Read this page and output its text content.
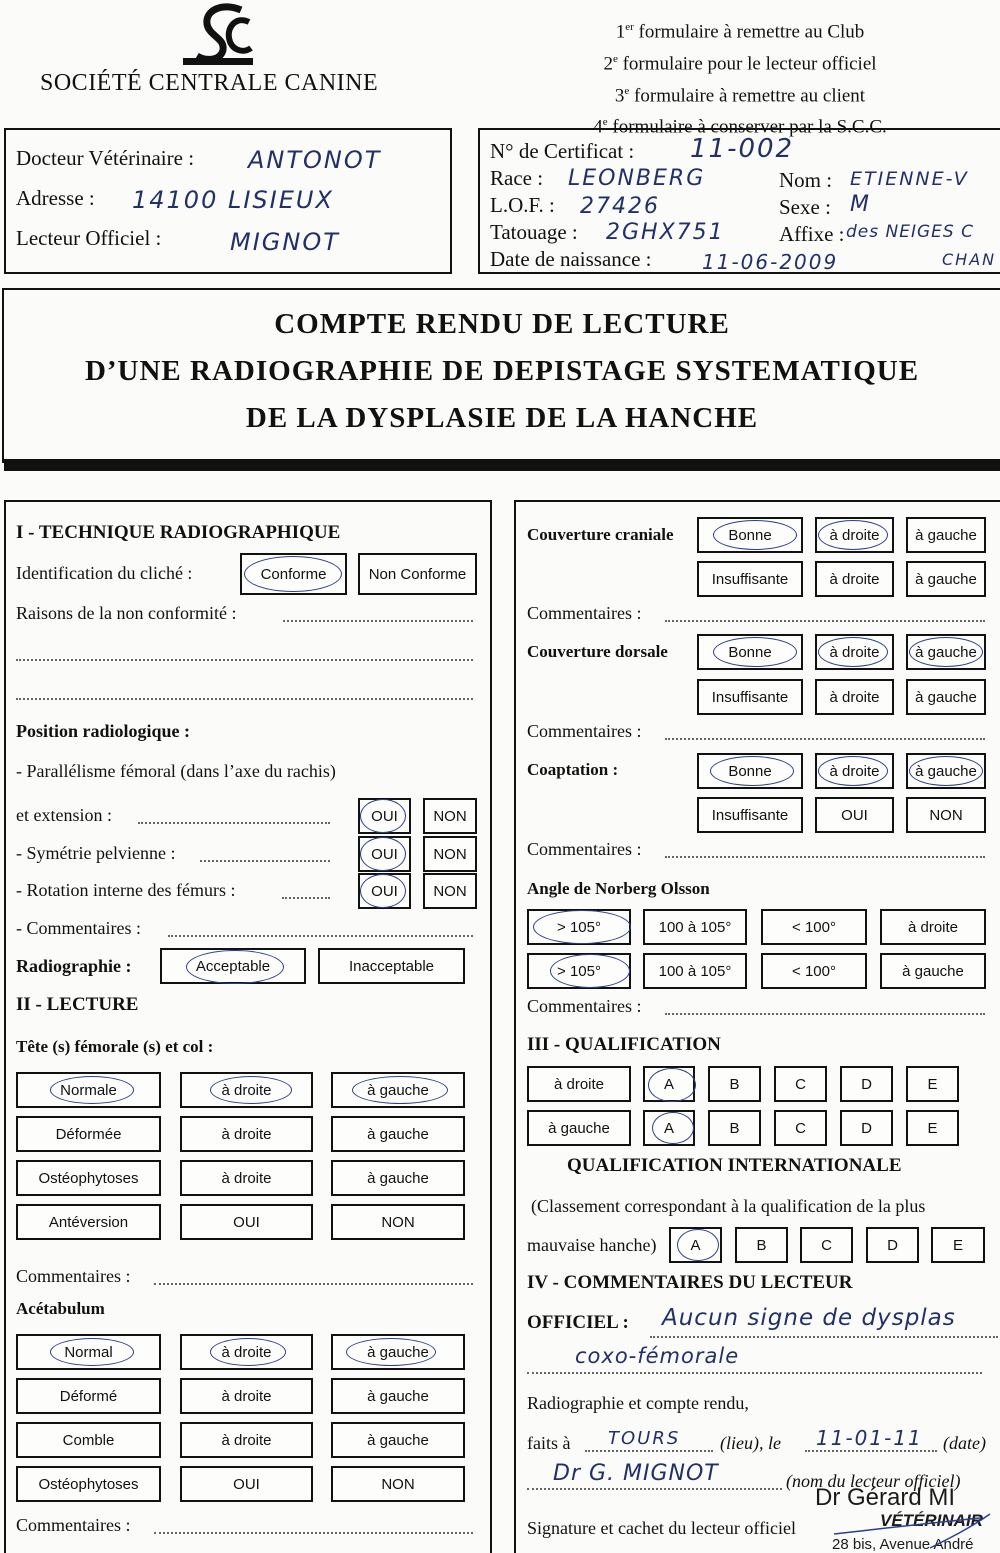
SOCIÉTÉ CENTRALE CANINE
1er formulaire à remettre au Club
2e formulaire pour le lecteur officiel
3e formulaire à remettre au client
4e formulaire à conserver par la S.C.C.
Docteur Vétérinaire : ANTONOT
Adresse : 14100 LISIEUX
Lecteur Officiel :	MIGNOT
N° de Certificat : 11-002
Race : LEONBERG	Nom : ETIENNE-V
L.O.F. : 27426	Sexe : M
Tatouage : 2GHX751	Affixe : des NEIGES C
Date de naissance :	11-06-2009	CHAN
COMPTE RENDU DE LECTURE
D’UNE RADIOGRAPHIE DE DEPISTAGE SYSTEMATIQUE
DE LA DYSPLASIE DE LA HANCHE
I - TECHNIQUE RADIOGRAPHIQUE
Identification du cliché :	Conforme	Non Conforme
Raisons de la non conformité :
Position radiologique :
- Parallélisme fémoral (dans l’axe du rachis)
et extension :	OUI	NON
- Symétrie pelvienne :	OUI	NON
- Rotation interne des fémurs :	OUI	NON
- Commentaires :
Radiographie :	Acceptable	Inacceptable
II - LECTURE
Tête (s) fémorale (s) et col :
Normale	à droite	à gauche
Déformée	à droite	à gauche
Ostéophytoses	à droite	à gauche
Antéversion	OUI	NON
Commentaires :
Acétabulum
Normal	à droite	à gauche
Déformé	à droite	à gauche
Comble	à droite	à gauche
Ostéophytoses	OUI	NON
Commentaires :
Couverture craniale	Bonne	à droite	à gauche
Insuffisante	à droite	à gauche
Commentaires :
Couverture dorsale	Bonne	à droite	à gauche
Insuffisante	à droite	à gauche
Commentaires :
Coaptation :	Bonne	à droite	à gauche
Insuffisante	OUI	NON
Commentaires :
Angle de Norberg Olsson
> 105°	100 à 105°	< 100°	à droite
> 105°	100 à 105°	< 100°	à gauche
Commentaires :
III - QUALIFICATION
à droite	A	B	C	D	E
à gauche	A	B	C	D	E
QUALIFICATION INTERNATIONALE
(Classement correspondant à la qualification de la plus
mauvaise hanche)	A	B	C	D	E
IV - COMMENTAIRES DU LECTEUR
OFFICIEL : Aucun signe de dysplas
coxo-fémorale
Radiographie et compte rendu,
faits à TOURS (lieu), le 11-01-11 (date)
Dr G. MIGNOT	(nom du lecteur officiel)
Dr Gérard MI
VÉTÉRINAIR
28 bis, Avenue André
Signature et cachet du lecteur officiel
